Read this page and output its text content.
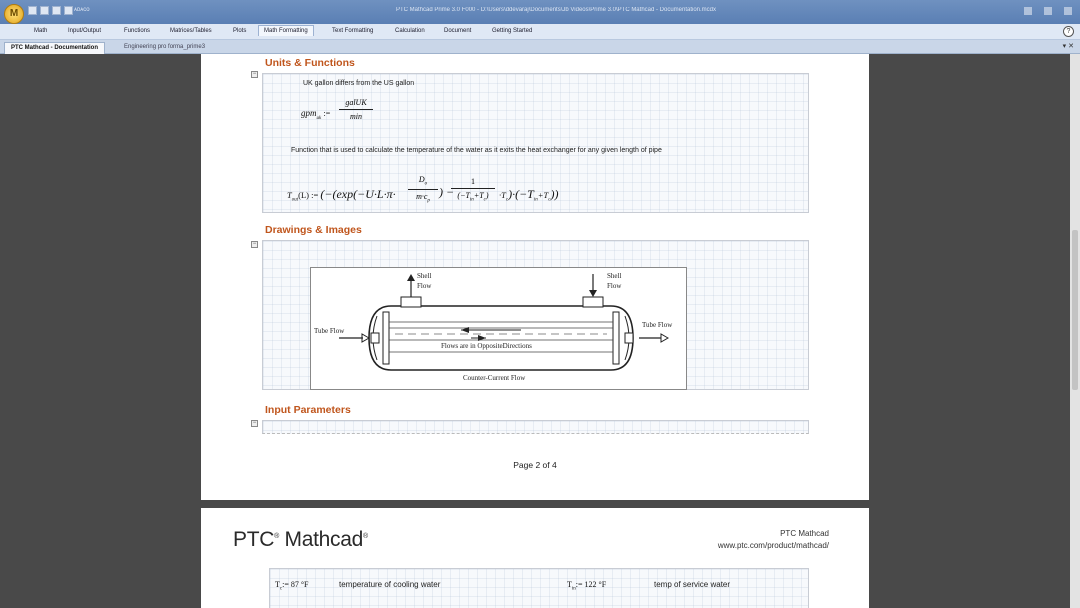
M	ᴀᴅᴀᴄᴏ	PTC Mathcad Prime 3.0 F000 - D:\Users\ddevaraj\Documents\Jb Videos\Prime 3.0\PTC Mathcad - Documentation.mcdx
Math	Input/Output	Functions	Matrices/Tables	Plots	Math Formatting	Text Formatting	Calculation	Document	Getting Started	?
PTC Mathcad - Documentation	Engineering pro forma_prime3	▾ ✕
−
Units & Functions
UK gallon differs from the US gallon
gpm$_{uk}$ :=
galUK
min
Function that is used to calculate the temperature of the water as it exits the heat exchanger for any given length of pipe
$T_{out}(L)$ := (−(exp(−U·L·π·
$D_o$
$m\cdot c_p$
) −
1
$(-T_{in}+T_c)$	$\cdot T_c)\cdot(-T_{in}+T_c)$)
Drawings & Images
−
Shell
Flow
Shell
Flow
Tube Flow
Tube Flow
Flows are in OppositeDirections
Counter-Current Flow
Input Parameters
−
Page 2 of 4
PTC® Mathcad®	PTC Mathcad
www.ptc.com/product/mathcad/
$T_c:= 87$ °F	temperature of cooling water	$T_{in}:= 122$ °F	temp of service water
